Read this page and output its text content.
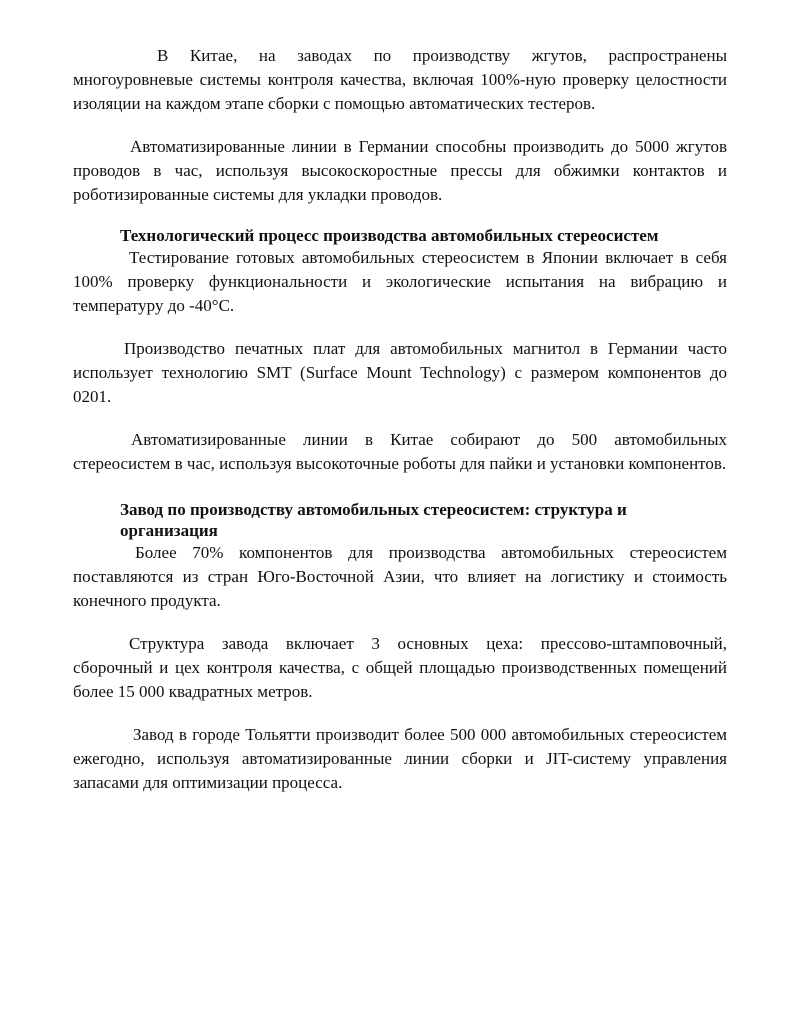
В Китае, на заводах по производству жгутов, распространены многоуровневые системы контроля качества, включая 100%-ную проверку целостности изоляции на каждом этапе сборки с помощью автоматических тестеров.

Автоматизированные линии в Германии способны производить до 5000 жгутов проводов в час, используя высокоскоростные прессы для обжимки контактов и роботизированные системы для укладки проводов.

Технологический процесс производства автомобильных стереосистем

Тестирование готовых автомобильных стереосистем в Японии включает в себя 100% проверку функциональности и экологические испытания на вибрацию и температуру до -40°C.

Производство печатных плат для автомобильных магнитол в Германии часто использует технологию SMT (Surface Mount Technology) с размером компонентов до 0201.

Автоматизированные линии в Китае собирают до 500 автомобильных стереосистем в час, используя высокоточные роботы для пайки и установки компонентов.

Завод по производству автомобильных стереосистем: структура и организация

Более 70% компонентов для производства автомобильных стереосистем поставляются из стран Юго-Восточной Азии, что влияет на логистику и стоимость конечного продукта.

Структура завода включает 3 основных цеха: прессово-штамповочный, сборочный и цех контроля качества, с общей площадью производственных помещений более 15 000 квадратных метров.

Завод в городе Тольятти производит более 500 000 автомобильных стереосистем ежегодно, используя автоматизированные линии сборки и JIT-систему управления запасами для оптимизации процесса.
